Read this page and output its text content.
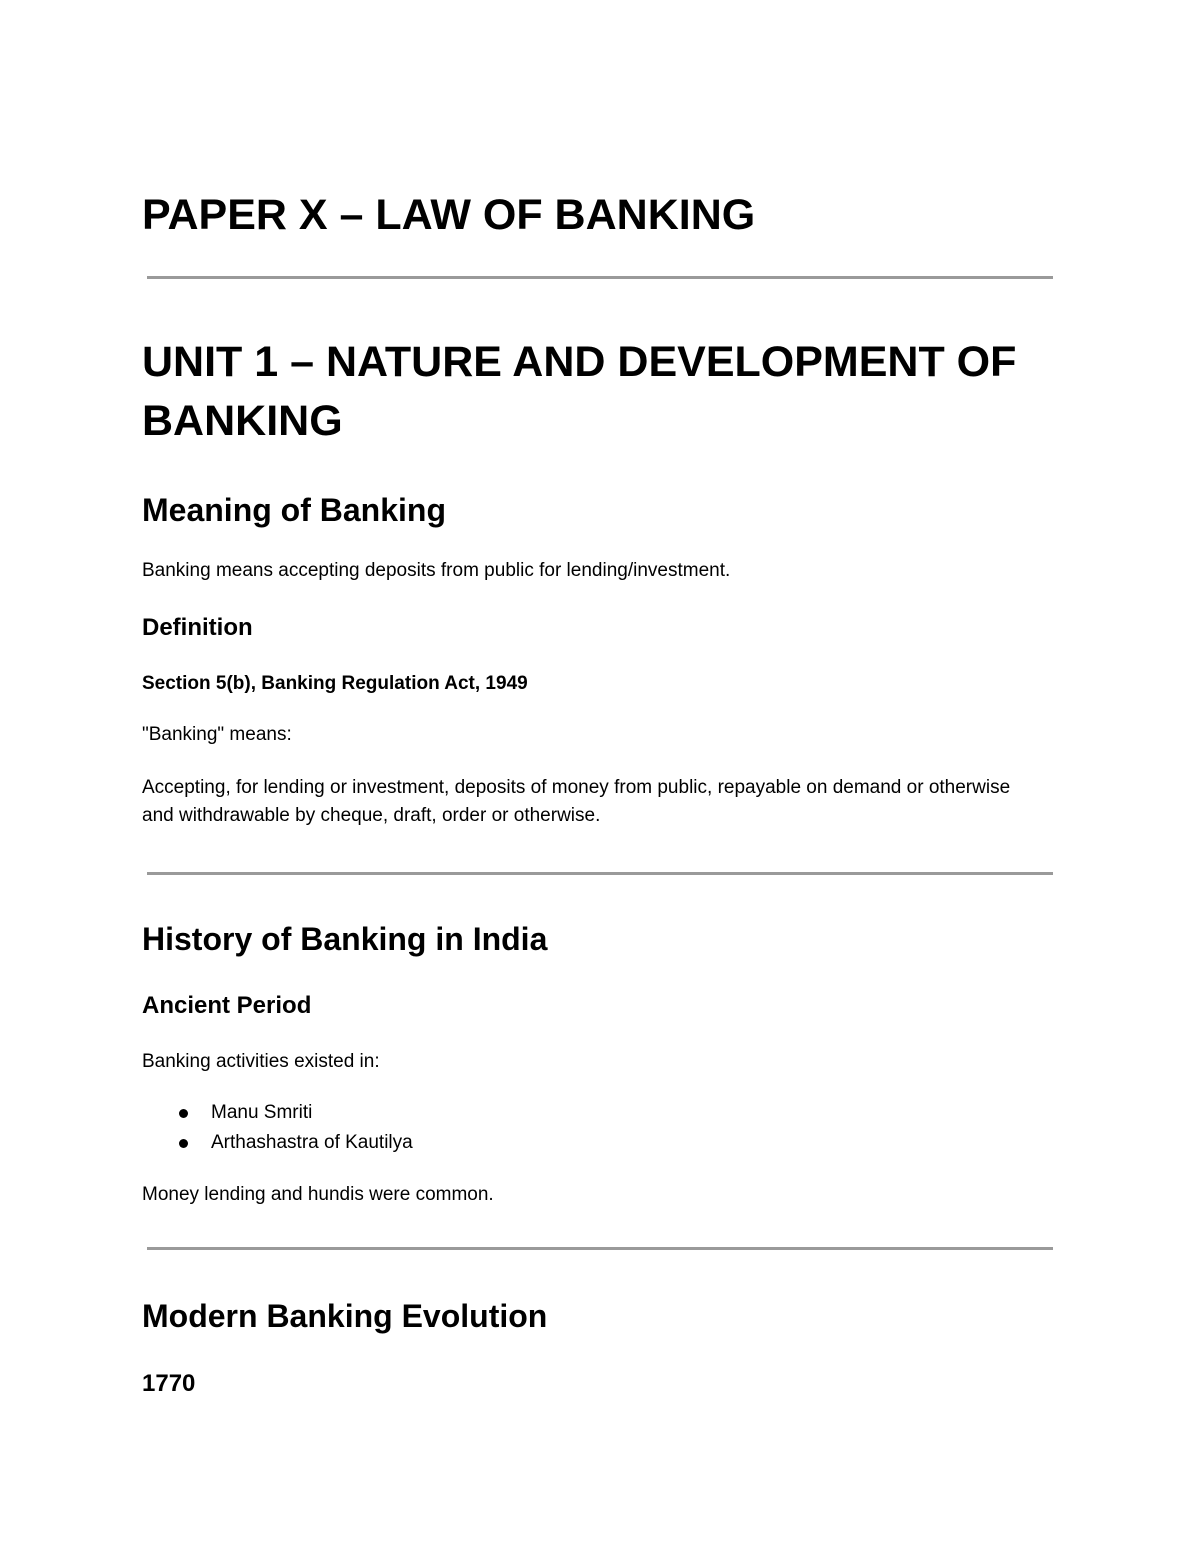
PAPER X – LAW OF BANKING
UNIT 1 – NATURE AND DEVELOPMENT OF BANKING
Meaning of Banking

Banking means accepting deposits from public for lending/investment.

Definition
Section 5(b), Banking Regulation Act, 1949

"Banking" means:

Accepting, for lending or investment, deposits of money from public, repayable on demand or otherwise and withdrawable by cheque, draft, order or otherwise.

History of Banking in India
Ancient Period

Banking activities existed in:

Manu Smriti
Arthashastra of Kautilya

Money lending and hundis were common.

Modern Banking Evolution
1770
